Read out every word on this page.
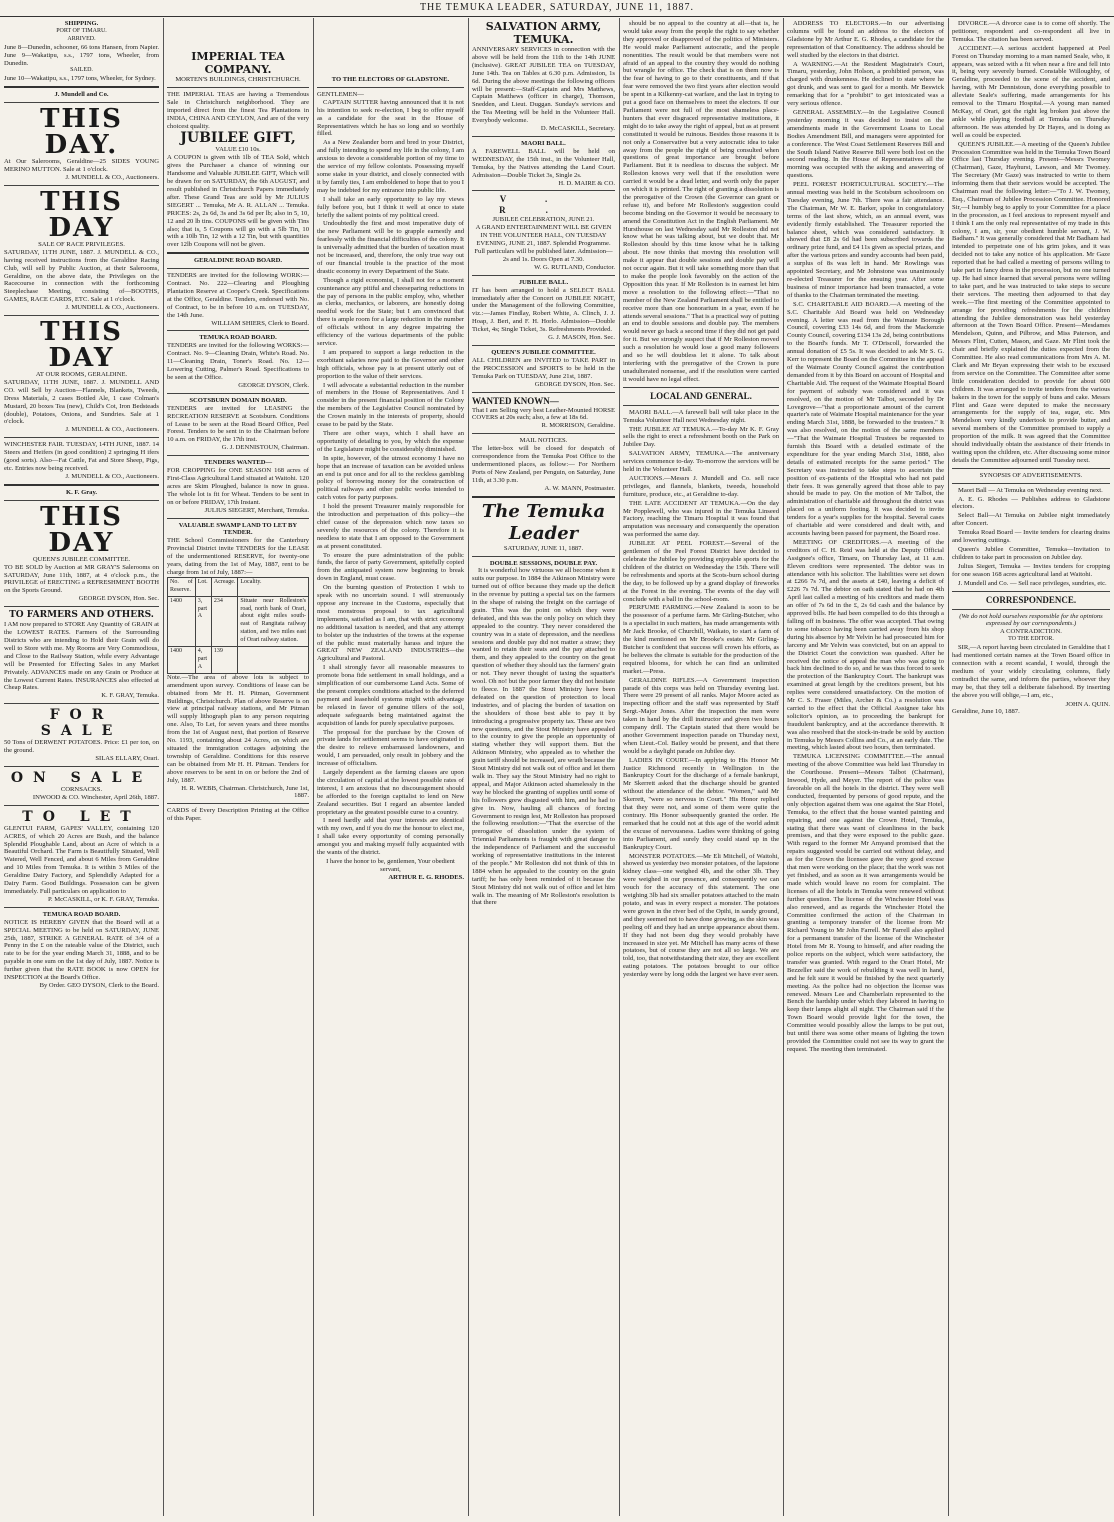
THE TEMUKA LEADER, SATURDAY, JUNE 11, 1887.
SHIPPING.
PORT OF TIMARU.
ARRIVED.
June 8—Dunedin, schooner, 66 tons Hansen, from Napier. June 9—Wakatipu, s.s., 1797 tons, Wheeler, from Dunedin.
SAILED.
June 10—Wakatipu, s.s., 1797 tons, Wheeler, for Sydney.
J. Mundell and Co.
THIS DAY.
At Our Salerooms, Geraldine—25 SIDES YOUNG MERINO MUTTON. Sale at 1 o'clock.
J. MUNDELL & CO., Auctioneers.
THIS DAY
SALE OF RACE PRIVILEGES.
SATURDAY, 11TH JUNE, 1887. J. MUNDELL & CO., having received instructions from the Geraldine Racing Club, will sell by Public Auction, at their Salerooms, Geraldine, on the above date, the Privileges on the Racecourse in connection with the forthcoming Steeplechase Meeting, consisting of—BOOTHS, GAMES, RACE CARDS, ETC. Sale at 1 o'clock.
J. MUNDELL & CO., Auctioneers.
THIS DAY
AT OUR ROOMS, GERALDINE.
SATURDAY, 11TH JUNE, 1887. J. MUNDELL AND CO. will Sell by Auction—Flannels, Blankets, Tweeds, Dress Materials, 2 cases Bottled Ale, 1 case Colman's Mustard, 20 boxes Tea (new), Child's Cot, Iron Bedsteads (double), Potatoes, Onions, and Sundries. Sale at 1 o'clock.
J. MUNDELL & CO., Auctioneers.
WINCHESTER FAIR. TUESDAY, 14TH JUNE, 1887. 14 Steers and Heifers (in good condition) 2 springing H ifers (good sorts). Also—Fat Cattle, Fat and Store Sheep, Pigs, etc. Entries now being received.
J. MUNDELL & CO., Auctioneers.
K. F. Gray.
THIS DAY
QUEEN'S JUBILEE COMMITTEE.
TO BE SOLD by Auction at MR GRAY'S Salerooms on SATURDAY, June 11th, 1887, at 4 o'clock p.m., the PRIVILEGE of ERECTING a REFRESHMENT BOOTH on the Sports Ground.
GEORGE DYSON, Hon. Sec.
TO FARMERS AND OTHERS.
I AM now prepared to STORE Any Quantity of GRAIN at the LOWEST RATES. Farmers of the Surrounding Districts who are intending to Hold their Grain will do well to Store with me. My Rooms are Very Commodious, and Close to the Railway Station, while every Advantage will be Presented for Effecting Sales in any Market Privately. ADVANCES made on any Grain or Produce at the Lowest Current Rates. INSURANCES also effected at Cheap Rates.
K. F. GRAY, Temuka.
FOR SALE
50 Tons of DERWENT POTATOES. Price: £1 per ton, on the ground.
SILAS ELLARY, Orari.
ON SALE
CORNSACKS.
INWOOD & CO. Winchester, April 26th, 1887.
TO LET
GLENTUI FARM, GAPES' VALLEY, containing 120 ACRES, of which 20 Acres are Bush, and the balance Splendid Ploughable Land, about an Acre of which is a Beautiful Orchard. The Farm is Beautifully Situated, Well Watered, Well Fenced, and about 6 Miles from Geraldine and 10 Miles from Temuka. It is within 3 Miles of the Geraldine Dairy Factory, and Splendidly Adapted for a Dairy Farm. Good Buildings. Possession can be given immediately. Full particulars on application to
P. McCASKILL, or K. F. GRAY, Temuka.
TEMUKA ROAD BOARD.
NOTICE IS HEREBY GIVEN that the Board will at a SPECIAL MEETING to be held on SATURDAY, JUNE 25th, 1887, STRIKE A GENERAL RATE of 3/4 of a Penny in the £ on the rateable value of the District, such rate to be for the year ending March 31, 1888, and to be payable in one sum on the 1st day of July, 1887. Notice is further given that the RATE BOOK is now OPEN for INSPECTION at the Board's Office.
By Order. GEO DYSON, Clerk to the Board.
IMPERIAL TEA COMPANY.
MORTEN'S BUILDINGS, CHRISTCHURCH.
THE IMPERIAL TEAS are having a Tremendous Sale in Christchurch neighborhood. They are imported direct from the finest Tea Plantations in INDIA, CHINA AND CEYLON, And are of the very choicest quality.
JUBILEE GIFT,
VALUE £10 10s.
A COUPON is given with 1lb of TEA Sold, which gives the Purchaser a chance of winning our Handsome and Valuable JUBILEE GIFT, Which will be drawn for on SATURDAY, the 6th AUGUST, and result published in Christchurch Papers immediately after. These Grand Teas are sold by Mr JULIUS SIEGERT ... Temuka, Mr A. R. ALLAN ... Temuka. PRICES: 2s, 2s 6d, 3s and 3s 6d per lb; also in 5, 10, 12 and 20 lb tins. COUPONS will be given with Tins also; that is, 5 Coupons will go with a 5lb Tin, 10 with a 10lb Tin, 12 with a 12 Tin, but with quantities over 12lb Coupons will not be given.
GERALDINE ROAD BOARD.
TENDERS are invited for the following WORK:— Contract. No. 222—Clearing and Ploughing Plantation Reserve at Cooper's Creek. Specifications at the Office, Geraldine. Tenders, endorsed with No. of Contract, to be in before 10 a.m. on TUESDAY, the 14th June.
WILLIAM SHIERS, Clerk to Board.
TEMUKA ROAD BOARD.
TENDERS are invited for the following WORKS:— Contract. No. 9—Cleaning Drain, White's Road. No. 11—Cleaning Drain, Toner's Road. No. 12—Lowering Cutting, Palmer's Road. Specifications to be seen at the Office.
GEORGE DYSON, Clerk.
SCOTSBURN DOMAIN BOARD.
TENDERS are invited for LEASING the RECREATION RESERVE at Scotsburn. Conditions of Lease to be seen at the Road Board Office, Peel Forest. Tenders to be sent in to the Chairman before 10 a.m. on FRIDAY, the 17th inst.
G. J. DENNISTOUN, Chairman.
TENDERS WANTED—
FOR CROPPING for ONE SEASON 168 acres of First-Class Agricultural Land situated at Waitohi. 120 acres are Skim Ploughed, balance is now in grass. The whole lot is fit for Wheat. Tenders to be sent in on or before FRIDAY, 17th Instant.
JULIUS SIEGERT, Merchant, Temuka.
VALUABLE SWAMP LAND TO LET BY TENDER.
THE School Commissioners for the Canterbury Provincial District invite TENDERS for the LEASE of the undermentioned RESERVE, for twenty-one years, dating from the 1st of May, 1887, rent to be charge from 1st of July, 1887:—
No. of Reserve.	Lot.	Acreage.	Locality.
1400	3, part A	234	Situate near Rolleston's road, north bank of Orari, about eight miles south-east of Rangitata railway station, and two miles east of Orari railway station.
1400	4, part A	139	
Note.—The area of above lots is subject to amendment upon survey. Conditions of lease can be obtained from Mr H. H. Pitman, Government Buildings, Christchurch. Plan of above Reserve is on view at principal railway stations, and Mr Pitman will supply lithograph plan to any person requiring one. Also, To Let, for seven years and three months from the 1st of August next, that portion of Reserve No. 1193, containing about 24 Acres, on which are situated the immigration cottages adjoining the township of Geraldine. Conditions for this reserve can be obtained from Mr H. H. Pitman. Tenders for above reserves to be sent in on or before the 2nd of July, 1887.
H. R. WEBB, Chairman. Christchurch, June 1st, 1887.
CARDS of Every Description Printing at the Office of this Paper.
TO THE ELECTORS OF GLADSTONE.
GENTLEMEN—

CAPTAIN SUTTER having announced that it is not his intention to seek re-election, I beg to offer myself as a candidate for the seat in the House of Representatives which he has so long and so worthily filled.

As a New Zealander born and bred in your District, and fully intending to spend my life in the colony, I am anxious to devote a considerable portion of my time to the service of my fellow colonists. Possessing myself some stake in your district, and closely connected with it by family ties, I am emboldened to hope that to you I may be indebted for my entrance into public life.

I shall take an early opportunity to lay my views fully before you, but I think it well at once to state briefly the salient points of my political creed.

Undoubtedly the first and most imperative duty of the new Parliament will be to grapple earnestly and fearlessly with the financial difficulties of the colony. It is universally admitted that the burden of taxation must not be increased, and, therefore, the only true way out of our financial trouble is the practice of the most drastic economy in every Department of the State.

Though a rigid economist, I shall not for a moment countenance any pitiful and cheeseparing reductions in the pay of persons in the public employ, who, whether as clerks, mechanics, or laborers, are honestly doing needful work for the State; but I am convinced that there is ample room for a large reduction in the number of officials without in any degree impairing the efficiency of the various departments of the public service.

I am prepared to support a large reduction in the exorbitant salaries now paid to the Governor and other high officials, whose pay is at present utterly out of proportion to the value of their services.

I will advocate a substantial reduction in the number of members in the House of Representatives. And I consider in the present financial position of the Colony the members of the Legislative Council nominated by the Crown mainly in the interests of property, should cease to be paid by the State.

There are other ways, which I shall have an opportunity of detailing to you, by which the expense of the Legislature might be considerably diminished.

In spite, however, of the utmost economy I have no hope that an increase of taxation can be avoided unless an end is put once and for all to the reckless gambling policy of borrowing money for the construction of political railways and other public works intended to catch votes for party purposes.

I hold the present Treasurer mainly responsible for the introduction and perpetuation of this policy—the chief cause of the depression which now taxes so severely the resources of the colony. Therefore it is needless to state that I am opposed to the Government as at present constituted.

To ensure the pure administration of the public funds, the farce of party Government, spitefully copied from the antiquated system now beginning to break down in England, must cease.

On the burning question of Protection I wish to speak with no uncertain sound. I will strenuously oppose any increase in the Customs, especially that most monstrous proposal to tax agricultural implements, satisfied as I am, that with strict economy no additional taxation is needed, and that any attempt to bolster up the industries of the towns at the expense of the public must materially harass and injure the GREAT NEW ZEALAND INDUSTRIES—the Agricultural and Pastoral.

I shall strongly favor all reasonable measures to promote bona fide settlement in small holdings, and a simplification of our cumbersome Land Acts. Some of the present complex conditions attached to the deferred payment and leasehold systems might with advantage be relaxed in favor of genuine tillers of the soil, adequate safeguards being maintained against the acquisition of lands for purely speculative purposes.

The proposal for the purchase by the Crown of private lands for settlement seems to have originated in the desire to relieve embarrassed landowners, and would, I am persuaded, only result in jobbery and the increase of officialism.

Largely dependent as the farming classes are upon the circulation of capital at the lowest possible rates of interest, I am anxious that no discouragement should be afforded to the foreign capitalist to lend on New Zealand securities. But I regard an absentee landed proprietary as the greatest possible curse to a country.

I need hardly add that your interests are identical with my own, and if you do me the honour to elect me, I shall take every opportunity of coming personally amongst you and making myself fully acquainted with the wants of the district.

I have the honor to be, gentlemen, Your obedient servant,
ARTHUR E. G. RHODES.
SALVATION ARMY, TEMUKA.
ANNIVERSARY SERVICES in connection with the above will be held from the 11th to the 14th JUNE (inclusive). GREAT JUBILEE TEA on TUESDAY, June 14th. Tea on Tables at 6.30 p.m. Admission, 1s 6d. During the above meetings the following officers will be present:—Staff-Captain and Mrs Matthews, Captain Matthews (officer in charge), Thomson, Snedden, and Lieut. Duggan. Sunday's services and the Tea Meeting will be held in the Volunteer Hall. Everybody welcome.
D. McCASKILL, Secretary.
MAORI BALL.
A FAREWELL BALL will be held on WEDNESDAY, the 15th inst., in the Volunteer Hall, Temuka, by the Natives attending the Land Court. Admission—Double Ticket 3s, Single 2s.
H. D. MAIRE & CO.
V. R.
JUBILEE CELEBRATION, JUNE 21.
A GRAND ENTERTAINMENT WILL BE GIVEN IN THE VOLUNTEER HALL, ON TUESDAY EVENING, JUNE 21, 1887. Splendid Programme. Full particulars will be published later. Admission—2s and 1s. Doors Open at 7.30.
W. G. RUTLAND, Conductor.
JUBILEE BALL.
IT has been arranged to hold a SELECT BALL immediately after the Concert on JUBILEE NIGHT, under the Management of the following Committee, viz.:—James Findlay, Robert White, A. Clinch, J. J. Hoap, J. Beri, and F. H. Horlo. Admission—Double Ticket, 4s; Single Ticket, 3s. Refreshments Provided.
G. J. MASON, Hon. Sec.
QUEEN'S JUBILEE COMMITTEE.
ALL CHILDREN are INVITED to TAKE PART in the PROCESSION and SPORTS to be held in the Temuka Park on TUESDAY, June 21st, 1887.
GEORGE DYSON, Hon. Sec.
WANTED KNOWN—
That I am Selling very best Leather-Mounted HORSE COVERS at 20s each; also, a few at 18s 6d.
R. MORRISON, Geraldine.
MAIL NOTICES.
The letter-box will be closed for despatch of correspondence from the Temuka Post Office to the undermentioned places, as follow:— For Northern Ports of New Zealand, per Penguin, on Saturday, June 11th, at 3.30 p.m.
A. W. MANN, Postmaster.
The Temuka Leader
SATURDAY, JUNE 11, 1887.
DOUBLE SESSIONS, DOUBLE PAY.

It is wonderful how virtuous we all become when it suits our purpose. In 1884 the Atkinson Ministry were turned out of office because they made up the deficit in the revenue by putting a special tax on the farmers in the shape of raising the freight on the carriage of grain. This was the point on which they were defeated, and this was the only policy on which they appealed to the country. They never considered the country was in a state of depression, and the needless sessions and double pay did not matter a straw; they wanted to retain their seats and the pay attached to them, and they appealed to the country on the great question of whether they should tax the farmers' grain or not. They never thought of taxing the squatter's wool. Oh no! but the poor farmer they did not hesitate to fleece. In 1887 the Stout Ministry have been defeated on the question of protection to local industries, and of placing the burden of taxation on the shoulders of those best able to pay it by introducing a progressive property tax. These are two new questions, and the Stout Ministry have appealed to the country to give the people an opportunity of stating whether they will support them. But the Atkinson Ministry, who appealed as to whether the grain tariff should be increased, are wrath because the Stout Ministry did not walk out of office and let them walk in. They say the Stout Ministry had no right to appeal, and Major Atkinson acted shamelessly in the way he blocked the granting of supplies until some of his followers grew disgusted with him, and he had to give in. Now, hauling all chances of forcing Government to resign lest, Mr Rolleston has proposed the following resolution:—"That the exercise of the prerogative of dissolution under the system of Triennial Parliaments is fraught with great danger to the independence of Parliament and the successful working of representative institutions in the interest of the people." Mr Rolleston did not think of this in 1884 when he appealed to the country on the grain tariff; he has only been reminded of it because the Stout Ministry did not walk out of office and let him walk in. The meaning of Mr Rolleston's resolution is that there

should be no appeal to the country at all—that is, he would take away from the people the right to say whether they approved or disapproved of the politics of Ministers. He would make Parliament autocratic, and the people nonentities. The result would be that members were not afraid of an appeal to the country they would do nothing but wrangle for office. The check that is on them now is the fear of having to go to their constituents, and if that fear were removed the two first years after election would be spent in a Kilkenny-cat warfare, and the last in trying to put a good face on themselves to meet the electors. If our Parliament were not full of the most shameless place-hunters that ever disgraced representative institutions, it might do to take away the right of appeal, but as at present constituted it would be ruinous. Besides those reasons it is not only a Conservative but a very autocratic idea to take away from the people the right of being consulted when questions of great importance are brought before Parliament. But it is needless to discuss the subject. Mr Rolleston knows very well that if the resolution were carried it would be a dead letter, and worth only the paper on which it is printed. The right of granting a dissolution is the prerogative of the Crown (the Governor can grant or refuse it), and before Mr Rolleston's suggestion could become binding on the Governor it would be necessary to amend the Constitution Act in the English Parliament. Mr Hursthouse on last Wednesday said Mr Rolleston did not know what he was talking about, but we doubt that. Mr Rolleston should by this time know what he is talking about. He now thinks that moving this resolution will make it appear that double sessions and double pay will not occur again. But it will take something more than that to make the people look favorably on the action of the Opposition this year. If Mr Rolleston is in earnest let him move a resolution to the following effect:—"That no member of the New Zealand Parliament shall be entitled to receive more than one honorarium in a year, even if he attends several sessions." That is a practical way of putting an end to double sessions and double pay. The members would never go back a second time if they did not get paid for it. But we strongly suspect that if Mr Rolleston moved such a resolution he would lose a good many followers and so he will doubtless let it alone. To talk about interfering with the prerogative of the Crown is pure unadulterated nonsense, and if the resolution were carried it would have no legal effect.

LOCAL AND GENERAL.

MAORI BALL.—A farewell ball will take place in the Temuka Volunteer Hall next Wednesday night.

THE JUBILEE AT TEMUKA.—To-day Mr K. F. Gray sells the right to erect a refreshment booth on the Park on Jubilee Day.

SALVATION ARMY, TEMUKA.—The anniversary services commence to-day. To-morrow the services will be held in the Volunteer Hall.

AUCTIONS.—Messrs J. Mundell and Co. sell race privileges, and flannels, blankets, tweeds, household furniture, produce, etc., at Geraldine to-day.

THE LATE ACCIDENT AT TEMUKA.—On the day Mr Popplewell, who was injured in the Temuka Linseed Factory, reaching the Timaru Hospital it was found that amputation was necessary and consequently the operation was performed the same day.

JUBILEE AT PEEL FOREST.—Several of the gentlemen of the Peel Forest District have decided to celebrate the Jubilee by providing enjoyable sports for the children of the district on Wednesday the 15th. There will be refreshments and sports at the Scots-burn school during the day, to be followed up by a grand display of fireworks at the Forest in the evening. The events of the day will conclude with a ball in the school-room.

PERFUME FARMING.—New Zealand is soon to be the possessor of a perfume farm. Mr Girling-Butcher, who is a specialist in such matters, has made arrangements with Mr Jack Brooke, of Churchill, Waikato, to start a farm of the kind mentioned on Mr Brooke's estate. Mr Girling-Butcher is confident that success will crown his efforts, as he believes the climate is suitable for the production of the required blooms, for which he can find an unlimited market.—Press.

GERALDINE RIFLES.—A Government inspection parade of this corps was held on Thursday evening last. There were 29 present of all ranks. Major Moore acted as inspecting officer and the staff was represented by Staff Sergt.-Major Jones. After the inspection the men were taken in hand by the drill instructor and given two hours company drill. The Captain stated that there would be another Government inspection parade on Thursday next, when Lieut.-Col. Bailey would be present, and that there would be a daylight parade on Jubilee day.

LADIES IN COURT.—In applying to His Honor Mr Justice Richmond recently in Wellington in the Bankruptcy Court for the discharge of a female bankrupt, Mr Skerrett asked that the discharge should be granted without the attendance of the debtor. "Women," said Mr Skerrett, "were so nervous in Court." His Honor replied that they were not, and some of them were quite the contrary. His Honor subsequently granted the order. He remarked that he could not at this age of the world admit the excuse of nervousness. Ladies were thinking of going into Parliament, and surely they could stand up in the Bankruptcy Court.

MONSTER POTATOES.—Mr Eli Mitchell, of Waitohi, showed us yesterday two monster potatoes, of the lapstone kidney class—one weighed 4lb, and the other 3lb. They were weighed in our presence, and consequently we can vouch for the accuracy of this statement. The one weighing 3lb had six smaller potatoes attached to the main potato, and was in every respect a monster. The potatoes were grown in the river bed of the Opihi, in sandy ground, and they seemed not to have done growing, as the skin was peeling off and they had an unripe appearance about them. If they had not been dug they would probably have increased in size yet. Mr Mitchell has many acres of these potatoes, but of course they are not all so large. We are told, too, that notwithstanding their size, they are excellent eating potatoes. The potatoes brought to our office yesterday were by long odds the largest we have ever seen.

ADDRESS TO ELECTORS.—In our advertising columns will be found an address to the electors of Gladstone by Mr Arthur E. G. Rhodes, a candidate for the representation of that Constituency. The address should be well studied by the electors in that district.

A WARNING.—At the Resident Magistrate's Court, Timaru, yesterday, John Holson, a prohibited person, was charged with drunkenness. He declined to state where he got drunk, and was sent to gaol for a month. Mr Beswick remarking that for a "prohibit" to get intoxicated was a very serious offence.

GENERAL ASSEMBLY.—In the Legislative Council yesterday morning it was decided to insist on the amendments made in the Government Loans to Local Bodies Amendment Bill, and managers were appointed for a conference. The West Coast Settlement Reserves Bill and the South Island Native Reserve Bill were both lost on the second reading. In the House of Representatives all the morning was occupied with the asking and answering of questions.

PEEL FOREST HORTICULTURAL SOCIETY.—The annual meeting was held in the Scotsburn schoolroom on Tuesday evening, June 7th. There was a fair attendance. The Chairman, Mr W. E. Barker, spoke in congratulatory terms of the last show, which, as an annual event, was evidently firmly established. The Treasurer reported the balance sheet, which was considered satisfactory. It showed that £8 2s 6d had been subscribed towards the ordinary prize fund, and £4 11s given as special prizes, and after the various prizes and sundry accounts had been paid, a surplus of 8s was left in hand. Mr Rowlings was appointed Secretary, and Mr Johnstone was unanimously re-elected Treasurer for the ensuing year. After some business of minor importance had been transacted, a vote of thanks to the Chairman terminated the meeting.

S.C. CHARITABLE AID BOARD.—A meeting of the S.C. Charitable Aid Board was held on Wednesday evening. A letter was read from the Waimate Borough Council, covering £33 14s 6d, and from the Mackenzie County Council, covering £134 13s 2d, being contributions to the Board's funds. Mr T. O'Driscoll, forwarded the annual donation of £5 5s. It was decided to ask Mr S. G. Kerr to represent the Board on the Committee in the appeal of the Waimate County Council against the contribution demanded from it by this Board on account of Hospital and Charitable Aid. The request of the Waimate Hospital Board for payment of subsidy was considered and it was resolved, on the motion of Mr Talbot, seconded by Dr Lovegrove—"that a proportionate amount of the current quarter's rate of Waimate Hospital maintenance for the year ending March 31st, 1888, be forwarded to the trustees." It was also resolved, on the motion of the same members—"That the Waimate Hospital Trustees be requested to furnish this Board with a detailed estimate of the expenditure for the year ending March 31st, 1888, also details of estimated receipts for the same period." The Secretary was instructed to take steps to ascertain the position of ex-patients of the Hospital who had not paid their fees. It was generally agreed that those able to pay should be made to pay. On the motion of Mr Talbot, the administration of charitable aid throughout the district was placed on a uniform footing. It was decided to invite tenders for a year's supplies for the hospital. Several cases of charitable aid were considered and dealt with, and accounts having been passed for payment, the Board rose.

MEETING OF CREDITORS.—A meeting of the creditors of C. H. Reid was held at the Deputy Official Assignee's office, Timaru, on Thursday last, at 11 a.m. Eleven creditors were represented. The debtor was in attendance with his solicitor. The liabilities were set down at £266 7s 7d, and the assets at £40, leaving a deficit of £226 7s 7d. The debtor on oath stated that he had on 4th April last called a meeting of his creditors and made them an offer of 7s 6d in the £, 2s 6d cash and the balance by approved bills. He had been compelled to do this through a falling off in business. The offer was accepted. That owing to some tobacco having been carried away from his shop during his absence by Mr Yelvin he had prosecuted him for larceny and Mr Yelvin was convicted, but on an appeal to the District Court the conviction was quashed. After he received the notice of appeal the man who was going to back him declined to do so, and he was thus forced to seek the protection of the Bankruptcy Court. The bankrupt was examined at great length by the creditors present, but his replies were considered unsatisfactory. On the motion of Mr C. S. Fraser (Miles, Archer & Co.) a resolution was carried to the effect that the Official Assignee take his solicitor's opinion, as to proceeding the bankrupt for fraudulent bankruptcy, and at the accordance therewith. It was also resolved that the stock-in-trade be sold by auction in Temuka by Messrs Collins and Co., at an early date. The meeting, which lasted about two hours, then terminated.

TEMUKA LICENSING COMMITTEE.—The annual meeting of the above Committee was held last Thursday in the Courthouse. Present—Messrs Talbot (Chairman), Inwood, Hyde, and Meyer. The report of the police was favorable on all the hotels in the district. They were well conducted, frequented by persons of good repute, and the only objection against them was one against the Star Hotel, Temuka, to the effect that the house wanted painting and repairing, and one against the Crown Hotel, Temuka, stating that there was want of cleanliness in the back premises, and that they were exposed to the public gaze. With regard to the former Mr Amyand promised that the repairs suggested would be carried out without delay, and as for the Crown the licensee gave the very good excuse that men were working on the place; that the work was not yet finished, and as soon as it was arrangements would be made which would leave no room for complaint. The licenses of all the hotels in Temuka were renewed without further question. The license of the Winchester Hotel was also renewed, and as regards the Winchester Hotel the Committee confirmed the action of the Chairman in granting a temporary transfer of the license from Mr Richard Young to Mr John Farrell. Mr Farrell also applied for a permanent transfer of the license of the Winchester Hotel from Mr R. Young to himself, and after reading the police reports on the subject, which were satisfactory, the transfer was granted. With regard to the Orari Hotel, Mr Bezzeller said the work of rebuilding it was well in hand, and he felt sure it would be finished by the next quarterly meeting. As the police had no objection the license was renewed. Messrs Lee and Chamberlain represented to the Bench the hardship under which they labored in having to keep their lamps alight all night. The Chairman said if the Town Board would provide light for the town, the Committee would possibly allow the lamps to be put out, but until there was some other means of lighting the town provided the Committee could not see its way to grant the request. The meeting then terminated.

DIVORCE.—A divorce case is to come off shortly. The petitioner, respondent and co-respondent all live in Temuka. The citation has been served.

ACCIDENT.—A serious accident happened at Peel Forest on Thursday morning to a man named Seale, who, it appears, was seized with a fit when near a fire and fell into it, being very severely burned. Constable Willoughby, of Geraldine, proceeded to the scene of the accident, and having, with Mr Dennistoun, done everything possible to alleviate Seale's suffering, made arrangements for his removal to the Timaru Hospital.—A young man named McKay, of Orari, got the right leg broken just above the ankle while playing football at Temuka on Thursday afternoon. He was attended by Dr Hayes, and is doing as well as could be expected.

QUEEN'S JUBILEE.—A meeting of the Queen's Jubilee Procession Committee was held in the Temuka Town Board Office last Thursday evening. Present—Messrs Twomey (Chairman), Gaze, Hayhurst, Lawson, and Mr Twomey. The Secretary (Mr Gaze) was instructed to write to them informing them that their services would be accepted. The Chairman read the following letter:—"To J. W. Twomey, Esq., Chairman of Jubilee Procession Committee. Honored Sir,—I humbly beg to apply to your Committee for a place in the procession, as I feel anxious to represent myself and I think I am the only real representative of my trade in this colony, I am, sir, your obedient humble servant, J. W. Badham." It was generally considered that Mr Badham had intended to perpetrate one of his grim jokes, and it was decided not to take any notice of his application. Mr Gaze reported that he had called a meeting of persons willing to take part in fancy dress in the procession, but no one turned up. He had since learned that several persons were willing to take part, and he was instructed to take steps to secure their services. The meeting then adjourned to that day week.—The first meeting of the Committee appointed to arrange for providing refreshments for the children attending the Jubilee demonstration was held yesterday afternoon at the Town Board Office. Present—Mesdames Mendelson, Quinn, and Pilbrow, and Miss Paterson, and Messrs Flint, Cutten, Mason, and Gaze. Mr Flint took the chair and briefly explained the duties expected from the Committee. He also read communications from Mrs A. M. Clark and Mr Bryan expressing their wish to be excused from service on the Committee. The Committee after some little consideration decided to provide for about 600 children. It was arranged to invite tenders from the various bakers in the town for the supply of buns and cake. Messrs Flint and Gaze were deputed to make the necessary arrangements for the supply of tea, sugar, etc. Mrs Mendelson very kindly undertook to provide butter, and several members of the Committee promised to supply a proportion of the milk. It was agreed that the Committee should individually obtain the assistance of their friends in waiting upon the children, etc. After discussing some minor details the Committee adjourned until Tuesday next.

SYNOPSIS OF ADVERTISEMENTS.

Maori Ball — At Temuka on Wednesday evening next.

A. E. G. Rhodes — Publishes address to Gladstone electors.

Select Ball—At Temuka on Jubilee night immediately after Concert.

Temuka Road Board — Invite tenders for clearing drains and lowering cuttings.

Queen's Jubilee Committee, Temuka—Invitation to children to take part in procession on Jubilee day.

Julius Siegert, Temuka — Invites tenders for cropping for one season 168 acres agricultural land at Waitohi.

J. Mundell and Co. — Sell race privileges, sundries, etc.

CORRESPONDENCE.
(We do not hold ourselves responsible for the opinions expressed by our correspondents.)
A CONTRADICTION.
TO THE EDITOR.

SIR,—A report having been circulated in Geraldine that I had mentioned certain names at the Town Board office in connection with a recent scandal, I would, through the medium of your widely circulating columns, flatly contradict the same, and inform the parties, whoever they may be, that they tell a deliberate falsehood. By inserting the above you will oblige,—I am, etc.,

JOHN A. QUIN.
Geraldine, June 10, 1887.
